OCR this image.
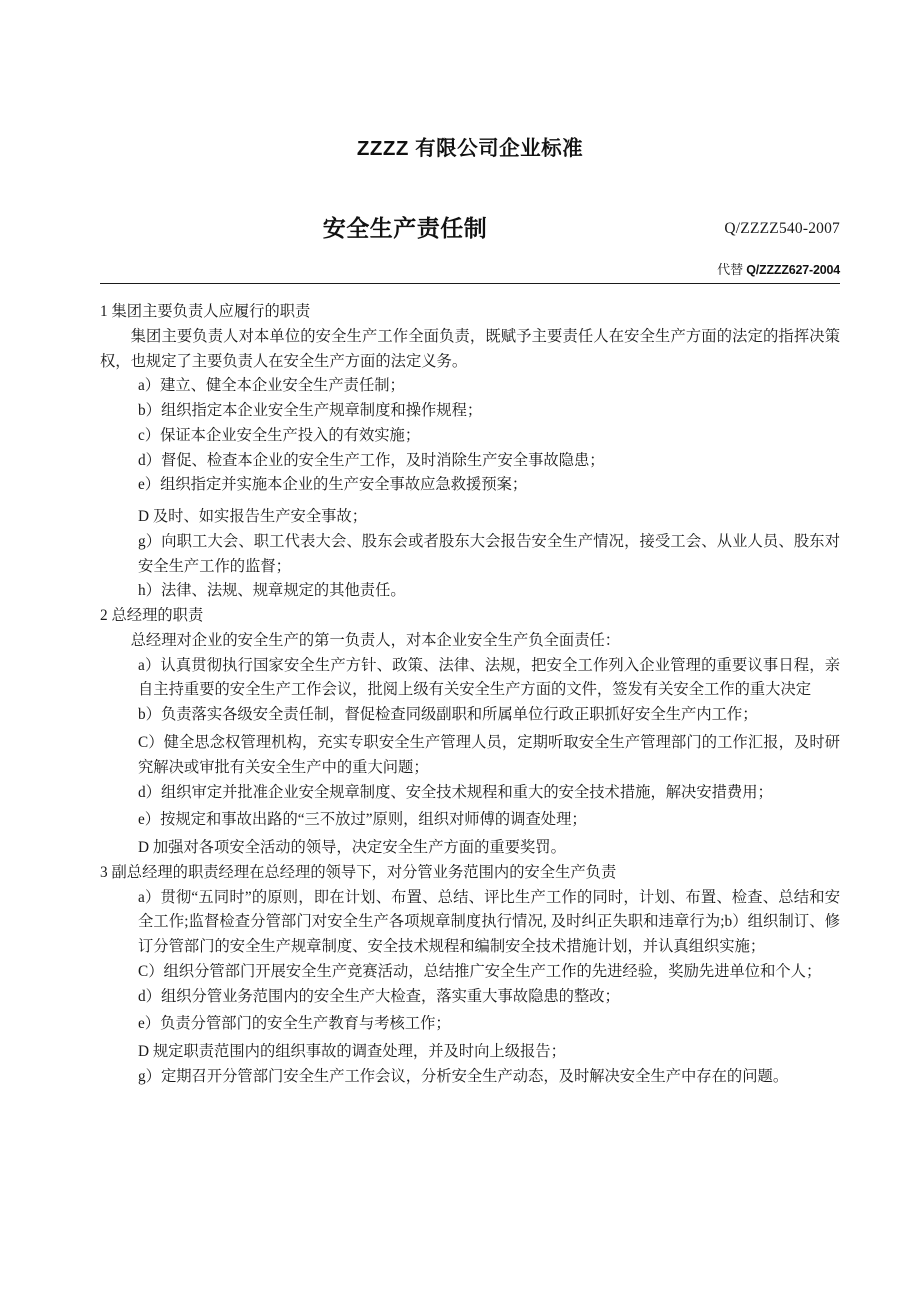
ZZZZ 有限公司企业标准
安全生产责任制	Q/ZZZZ540-2007
代替 Q/ZZZZ627-2004

1 集团主要负责人应履行的职责

集团主要负责人对本单位的安全生产工作全面负责，既赋予主要责任人在安全生产方面的法定的指挥决策权，也规定了主要负责人在安全生产方面的法定义务。

a）建立、健全本企业安全生产责任制；

b）组织指定本企业安全生产规章制度和操作规程；

c）保证本企业安全生产投入的有效实施；

d）督促、检查本企业的安全生产工作，及时消除生产安全事故隐患；

e）组织指定并实施本企业的生产安全事故应急救援预案；

D 及时、如实报告生产安全事故；

g）向职工大会、职工代表大会、股东会或者股东大会报告安全生产情况，接受工会、从业人员、股东对安全生产工作的监督；

h）法律、法规、规章规定的其他责任。

2 总经理的职责

总经理对企业的安全生产的第一负责人，对本企业安全生产负全面责任：

a）认真贯彻执行国家安全生产方针、政策、法律、法规，把安全工作列入企业管理的重要议事日程，亲自主持重要的安全生产工作会议，批阅上级有关安全生产方面的文件，签发有关安全工作的重大决定

b）负责落实各级安全责任制，督促检查同级副职和所属单位行政正职抓好安全生产内工作；

C）健全思念权管理机构，充实专职安全生产管理人员，定期听取安全生产管理部门的工作汇报，及时研究解决或审批有关安全生产中的重大问题；

d）组织审定并批准企业安全规章制度、安全技术规程和重大的安全技术措施，解决安措费用；

e）按规定和事故出路的“三不放过”原则，组织对师傅的调查处理；

D 加强对各项安全活动的领导，决定安全生产方面的重要奖罚。

3 副总经理的职责经理在总经理的领导下，对分管业务范围内的安全生产负责

a）贯彻“五同时”的原则，即在计划、布置、总结、评比生产工作的同时，计划、布置、检查、总结和安全工作;监督检查分管部门对安全生产各项规章制度执行情况, 及时纠正失职和违章行为;b）组织制订、修订分管部门的安全生产规章制度、安全技术规程和编制安全技术措施计划，并认真组织实施；

C）组织分管部门开展安全生产竞赛活动，总结推广安全生产工作的先进经验，奖励先进单位和个人；

d）组织分管业务范围内的安全生产大检查，落实重大事故隐患的整改；

e）负责分管部门的安全生产教育与考核工作；

D 规定职责范围内的组织事故的调查处理，并及时向上级报告；

g）定期召开分管部门安全生产工作会议，分析安全生产动态，及时解决安全生产中存在的问题。
